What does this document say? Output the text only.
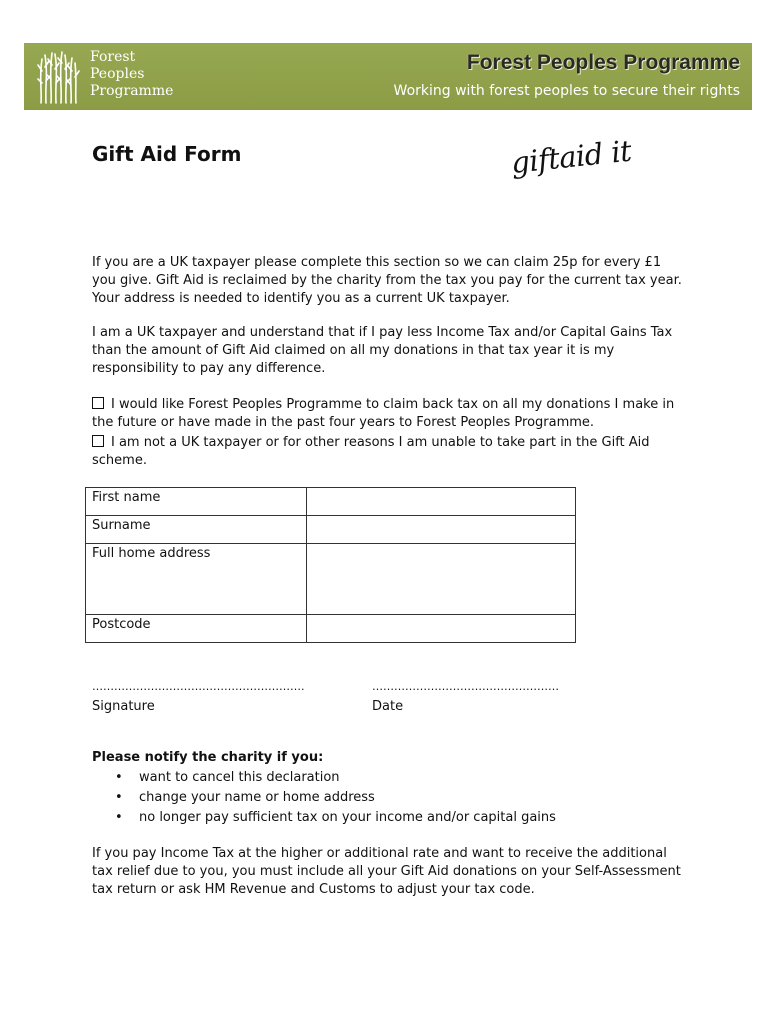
Forest
Peoples
Programme
Forest Peoples Programme
Working with forest peoples to secure their rights
Gift Aid Form	giftaid it

If you are a UK taxpayer please complete this section so we can claim 25p for every £1 you give. Gift Aid is reclaimed by the charity from the tax you pay for the current tax year. Your address is needed to identify you as a current UK taxpayer.

I am a UK taxpayer and understand that if I pay less Income Tax and/or Capital Gains Tax than the amount of Gift Aid claimed on all my donations in that tax year it is my responsibility to pay any difference.

I would like Forest Peoples Programme to claim back tax on all my donations I make in the future or have made in the past four years to Forest Peoples Programme.
I am not a UK taxpayer or for other reasons I am unable to take part in the Gift Aid scheme.
First name	
Surname	
Full home address	
Postcode	
………………………………………………….	……………………………………………
Signature	Date
Please notify the charity if you:
• want to cancel this declaration
• change your name or home address
• no longer pay sufficient tax on your income and/or capital gains

If you pay Income Tax at the higher or additional rate and want to receive the additional tax relief due to you, you must include all your Gift Aid donations on your Self-Assessment tax return or ask HM Revenue and Customs to adjust your tax code.
